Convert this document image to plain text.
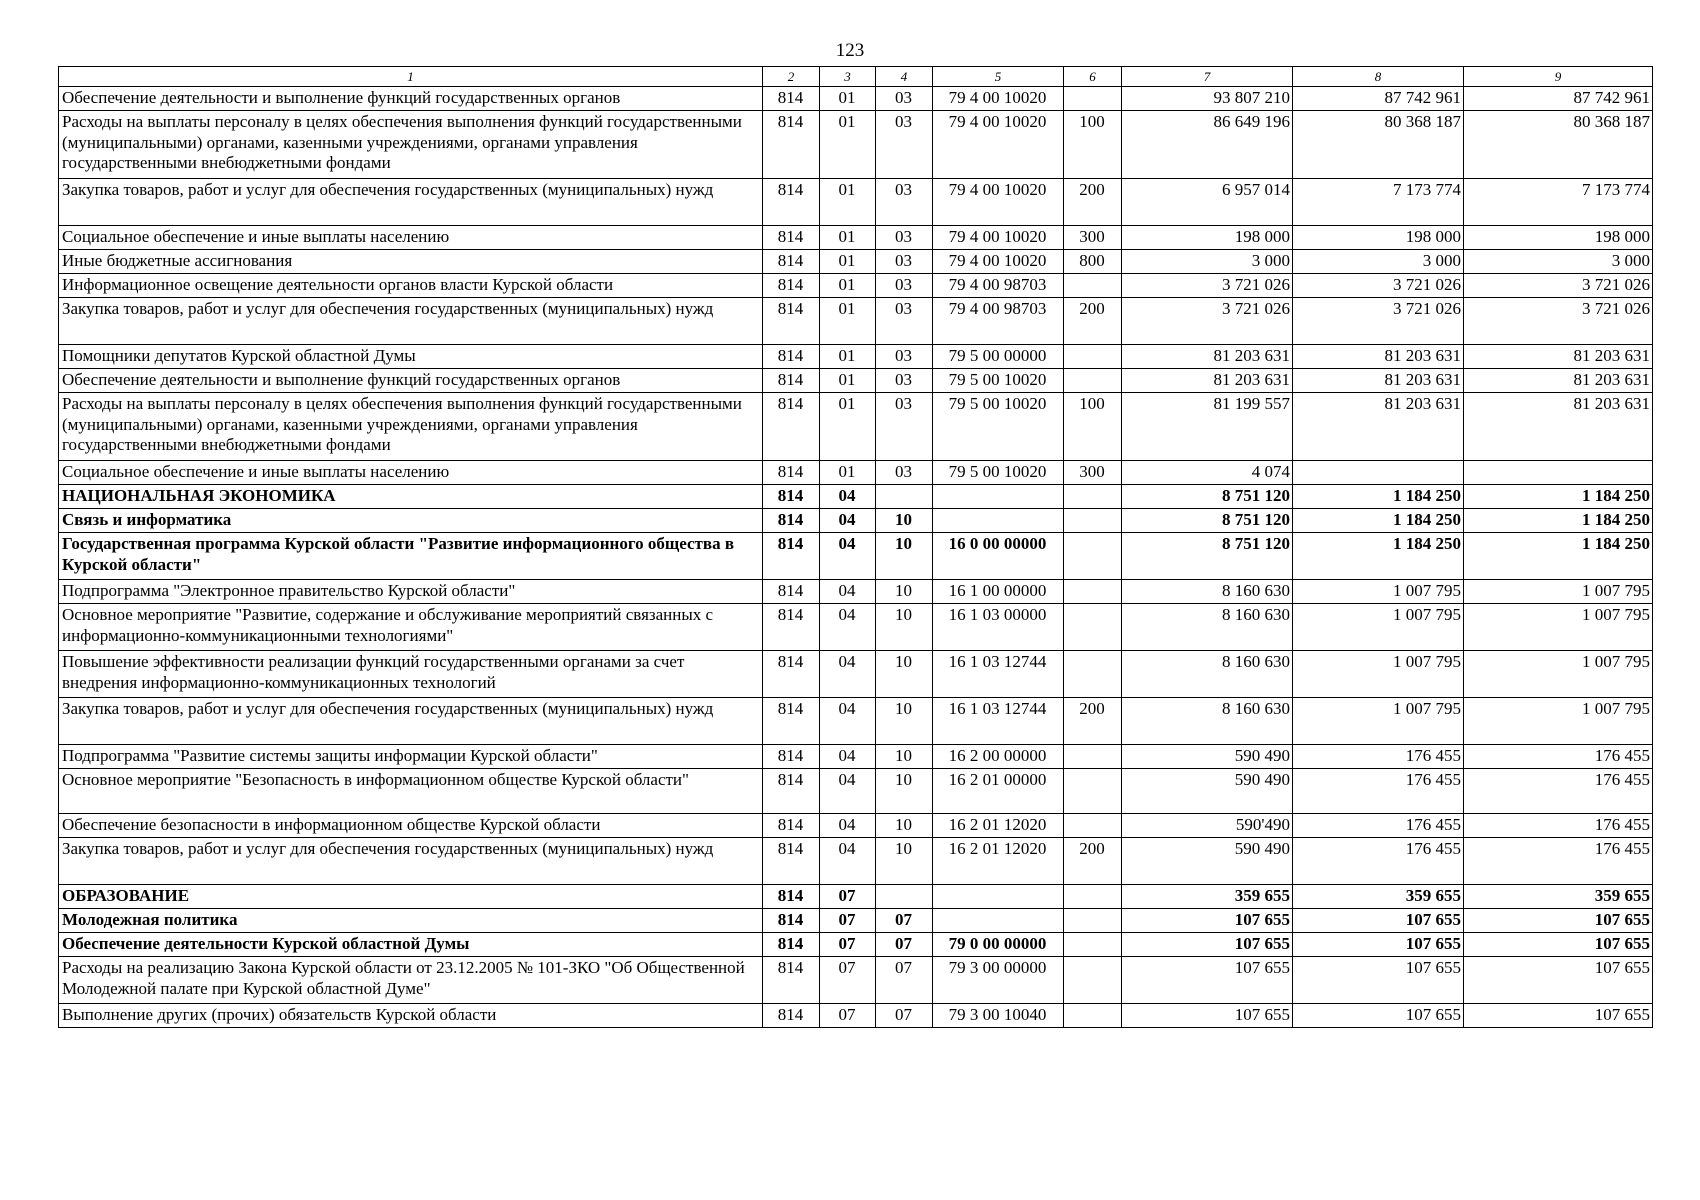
123
1	2	3	4	5	6	7	8	9
Обеспечение деятельности и выполнение функций государственных органов	814	01	03	79 4 00 10020		93 807 210	87 742 961	87 742 961
Расходы на выплаты персоналу в целях обеспечения выполнения функций государственными (муниципальными) органами, казенными учреждениями, органами управления государственными внебюджетными фондами	814	01	03	79 4 00 10020	100	86 649 196	80 368 187	80 368 187
Закупка товаров, работ и услуг для обеспечения государственных (муниципальных) нужд	814	01	03	79 4 00 10020	200	6 957 014	7 173 774	7 173 774
Социальное обеспечение и иные выплаты населению	814	01	03	79 4 00 10020	300	198 000	198 000	198 000
Иные бюджетные ассигнования	814	01	03	79 4 00 10020	800	3 000	3 000	3 000
Информационное освещение деятельности органов власти Курской области	814	01	03	79 4 00 98703		3 721 026	3 721 026	3 721 026
Закупка товаров, работ и услуг для обеспечения государственных (муниципальных) нужд	814	01	03	79 4 00 98703	200	3 721 026	3 721 026	3 721 026
Помощники депутатов Курской областной Думы	814	01	03	79 5 00 00000		81 203 631	81 203 631	81 203 631
Обеспечение деятельности и выполнение функций государственных органов	814	01	03	79 5 00 10020		81 203 631	81 203 631	81 203 631
Расходы на выплаты персоналу в целях обеспечения выполнения функций государственными (муниципальными) органами, казенными учреждениями, органами управления государственными внебюджетными фондами	814	01	03	79 5 00 10020	100	81 199 557	81 203 631	81 203 631
Социальное обеспечение и иные выплаты населению	814	01	03	79 5 00 10020	300	4 074		
НАЦИОНАЛЬНАЯ ЭКОНОМИКА	814	04				8 751 120	1 184 250	1 184 250
Связь и информатика	814	04	10			8 751 120	1 184 250	1 184 250
Государственная программа Курской области "Развитие информационного общества в Курской области"	814	04	10	16 0 00 00000		8 751 120	1 184 250	1 184 250
Подпрограмма "Электронное правительство Курской области"	814	04	10	16 1 00 00000		8 160 630	1 007 795	1 007 795
Основное мероприятие "Развитие, содержание и обслуживание мероприятий связанных с информационно-коммуникационными технологиями"	814	04	10	16 1 03 00000		8 160 630	1 007 795	1 007 795
Повышение эффективности реализации функций государственными органами за счет внедрения информационно-коммуникационных технологий	814	04	10	16 1 03 12744		8 160 630	1 007 795	1 007 795
Закупка товаров, работ и услуг для обеспечения государственных (муниципальных) нужд	814	04	10	16 1 03 12744	200	8 160 630	1 007 795	1 007 795
Подпрограмма "Развитие системы защиты информации Курской области"	814	04	10	16 2 00 00000		590 490	176 455	176 455
Основное мероприятие "Безопасность в информационном обществе Курской области"	814	04	10	16 2 01 00000		590 490	176 455	176 455
Обеспечение безопасности в информационном обществе Курской области	814	04	10	16 2 01 12020		590'490	176 455	176 455
Закупка товаров, работ и услуг для обеспечения государственных (муниципальных) нужд	814	04	10	16 2 01 12020	200	590 490	176 455	176 455
ОБРАЗОВАНИЕ	814	07				359 655	359 655	359 655
Молодежная политика	814	07	07			107 655	107 655	107 655
Обеспечение деятельности Курской областной Думы	814	07	07	79 0 00 00000		107 655	107 655	107 655
Расходы на реализацию Закона Курской области от 23.12.2005 № 101-ЗКО "Об Общественной Молодежной палате при Курской областной Думе"	814	07	07	79 3 00 00000		107 655	107 655	107 655
Выполнение других (прочих) обязательств Курской области	814	07	07	79 3 00 10040		107 655	107 655	107 655
